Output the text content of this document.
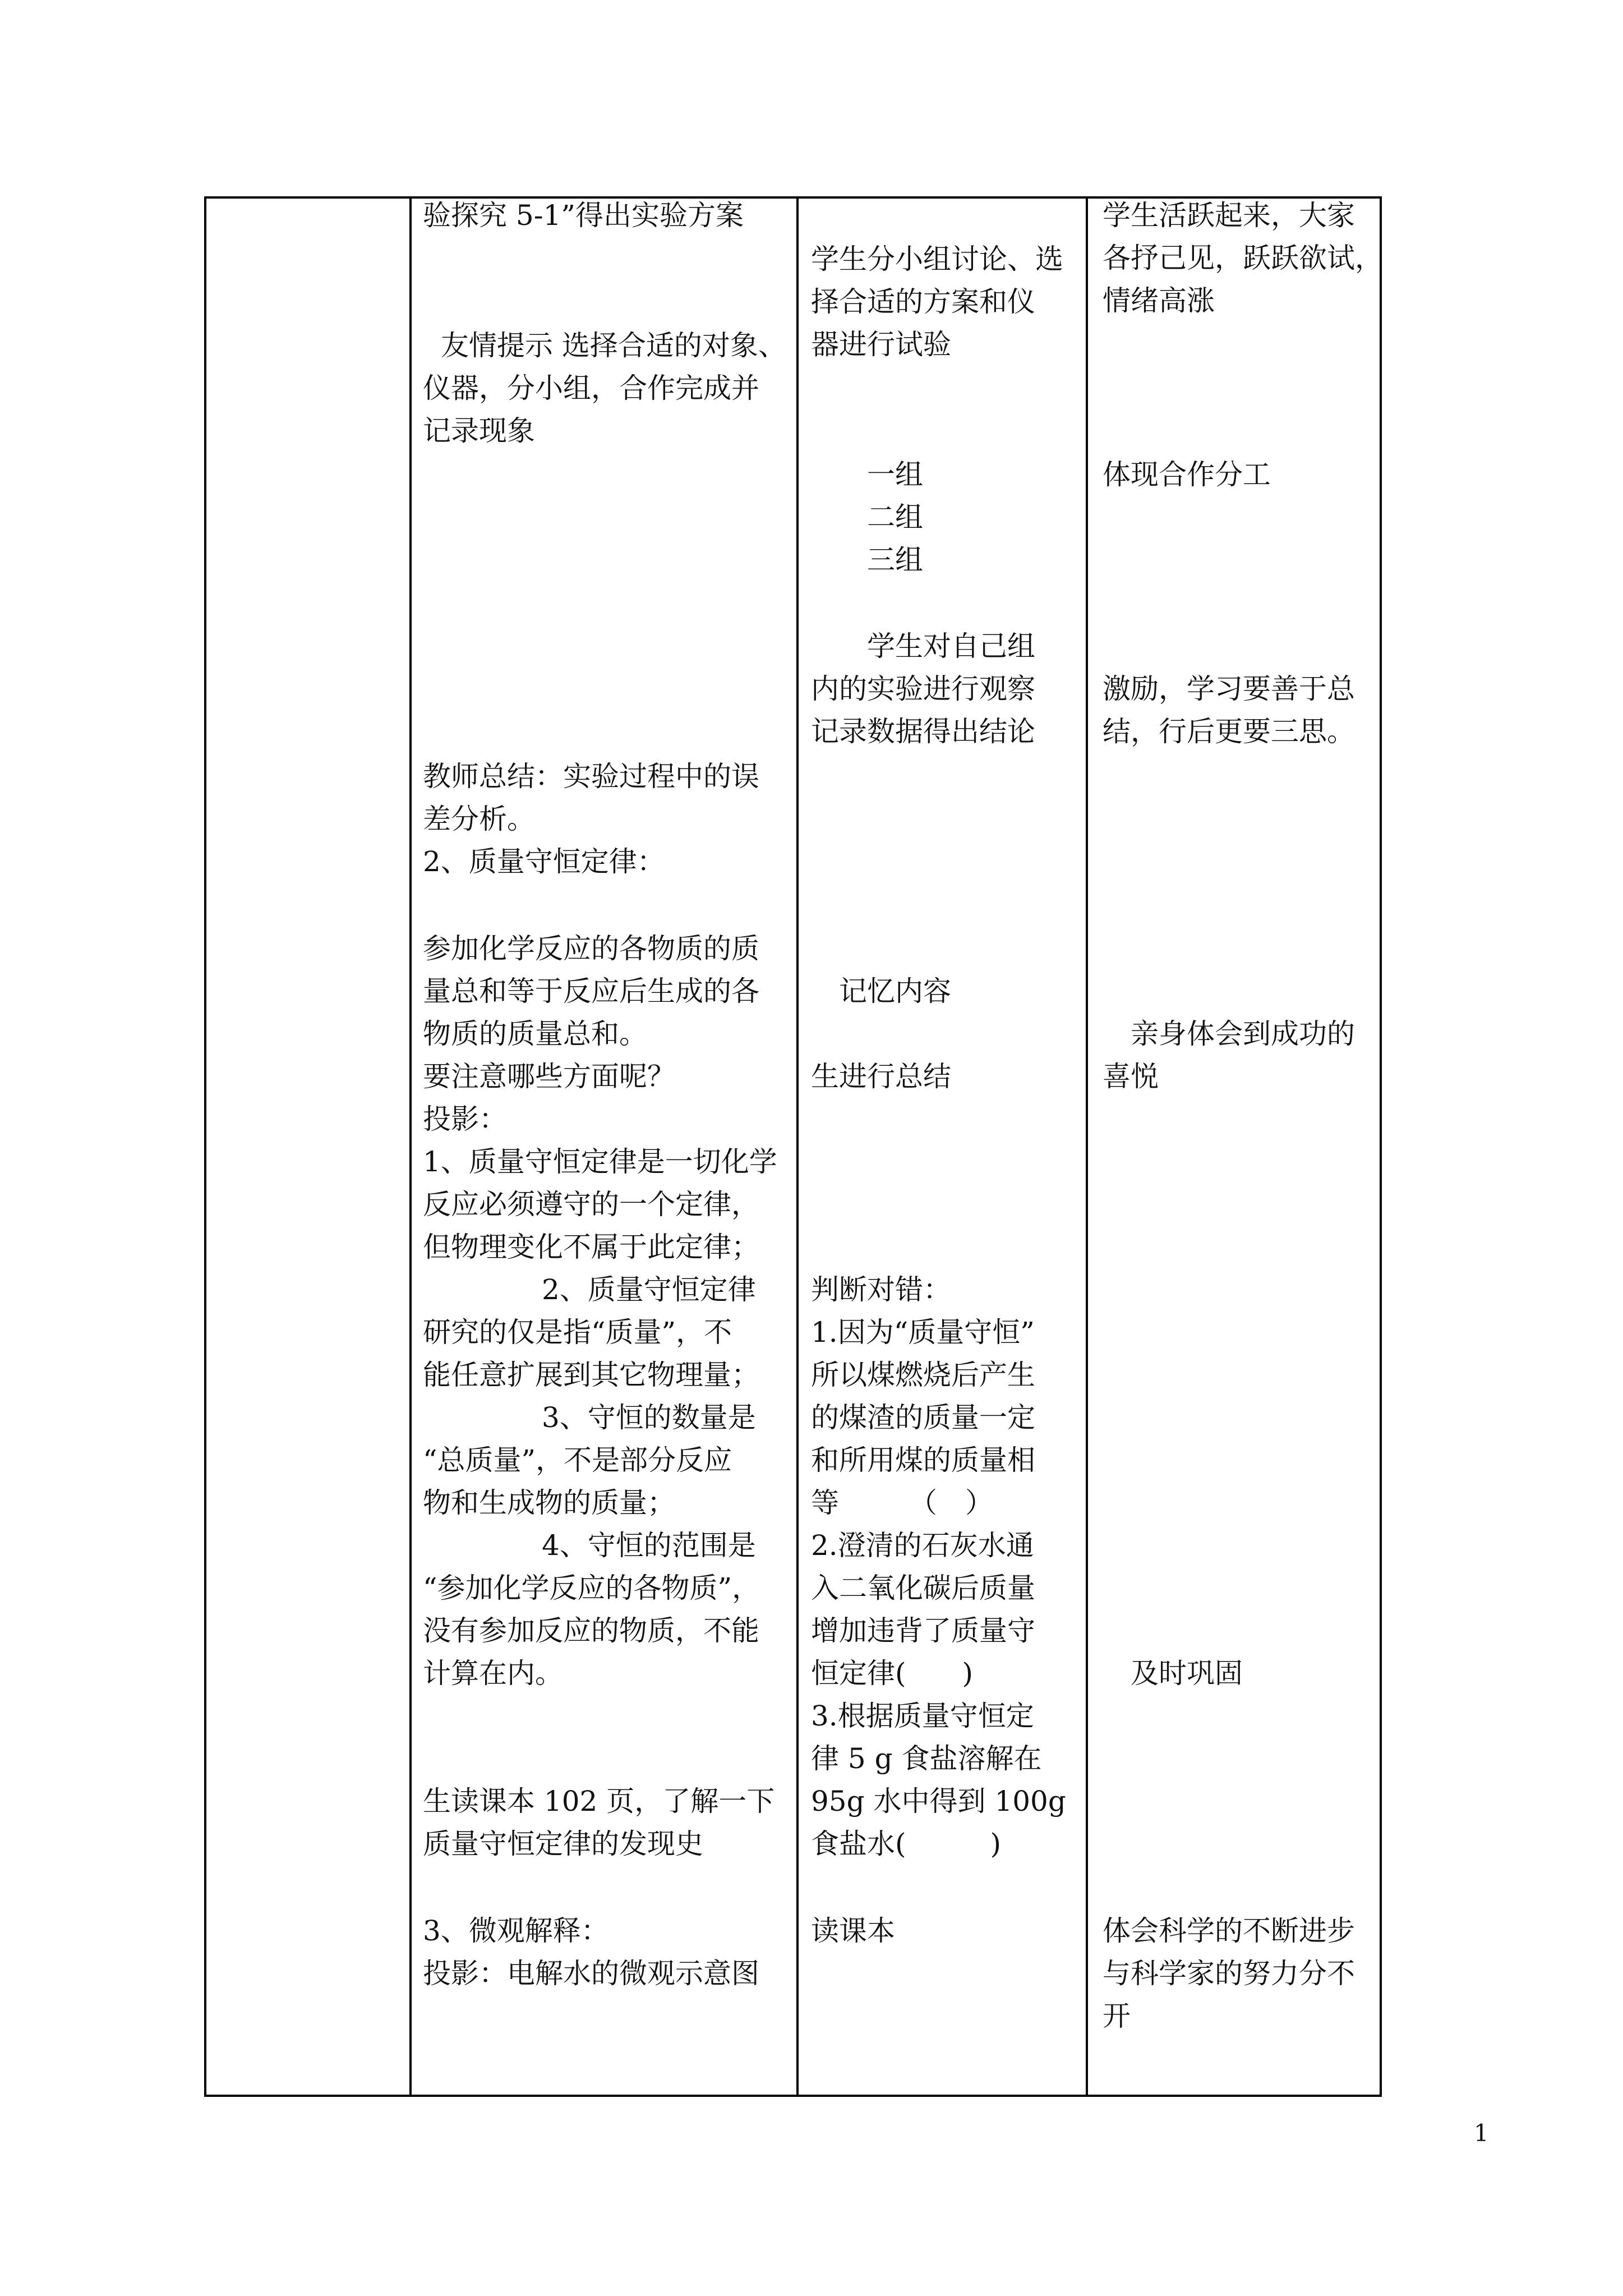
验探究 5-1”得出实验方案
友情提示 选择合适的对象、
仪器，分小组，合作完成并
记录现象
教师总结：实验过程中的误
差分析。
2、质量守恒定律：
参加化学反应的各物质的质
量总和等于反应后生成的各
物质的质量总和。
要注意哪些方面呢？
投影：
1、质量守恒定律是一切化学
反应必须遵守的一个定律，
但物理变化不属于此定律；
2、质量守恒定律
研究的仅是指“质量”，不
能任意扩展到其它物理量；
3、守恒的数量是
“总质量”，不是部分反应
物和生成物的质量；
4、守恒的范围是
“参加化学反应的各物质”，
没有参加反应的物质，不能
计算在内。
生读课本 102 页，了解一下
质量守恒定律的发现史
3、微观解释：
投影：电解水的微观示意图
学生分小组讨论、选
择合适的方案和仪
器进行试验
一组
二组
三组
学生对自己组
内的实验进行观察
记录数据得出结论
记忆内容
生进行总结
判断对错：
1.因为“质量守恒”
所以煤燃烧后产生
的煤渣的质量一定
和所用煤的质量相
等　　　（　）
2.澄清的石灰水通
入二氧化碳后质量
增加违背了质量守
恒定律(　　)
3.根据质量守恒定
律 5 g 食盐溶解在
95g 水中得到 100g
食盐水(　　　)
读课本
学生活跃起来，大家
各抒己见，跃跃欲试，
情绪高涨
体现合作分工
激励，学习要善于总
结，行后更要三思。
亲身体会到成功的
喜悦
及时巩固
体会科学的不断进步
与科学家的努力分不
开
1
